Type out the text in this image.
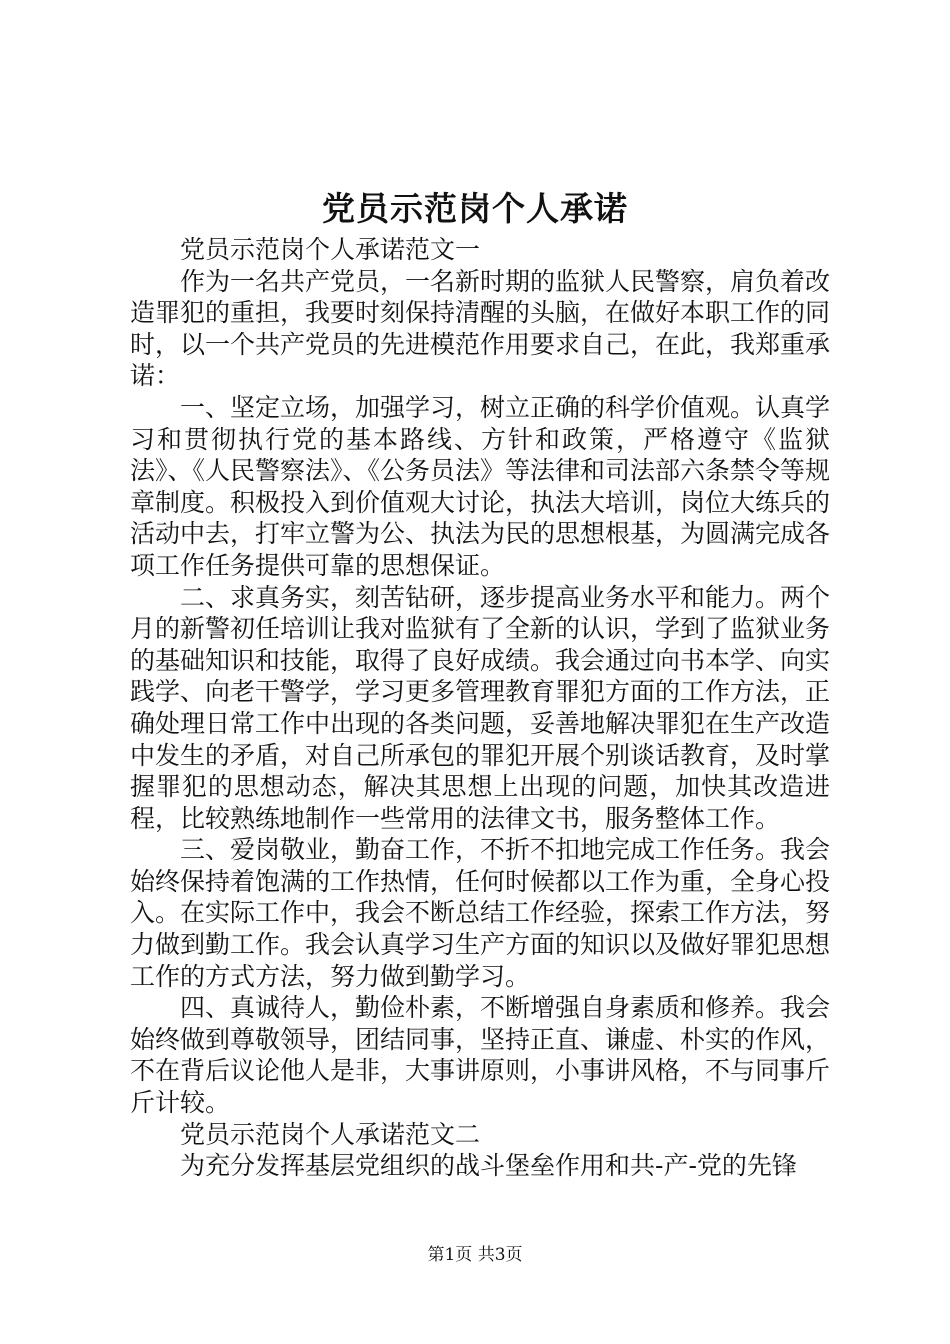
党员示范岗个人承诺

党员示范岗个人承诺范文一

作为一名共产党员，一名新时期的监狱人民警察，肩负着改造罪犯的重担，我要时刻保持清醒的头脑，在做好本职工作的同时，以一个共产党员的先进模范作用要求自己，在此，我郑重承诺：

一、坚定立场，加强学习，树立正确的科学价值观。认真学习和贯彻执行党的基本路线、方针和政策，严格遵守《监狱法》、《人民警察法》、《公务员法》等法律和司法部六条禁令等规章制度。积极投入到价值观大讨论，执法大培训，岗位大练兵的活动中去，打牢立警为公、执法为民的思想根基，为圆满完成各项工作任务提供可靠的思想保证。

二、求真务实，刻苦钻研，逐步提高业务水平和能力。两个月的新警初任培训让我对监狱有了全新的认识，学到了监狱业务的基础知识和技能，取得了良好成绩。我会通过向书本学、向实践学、向老干警学，学习更多管理教育罪犯方面的工作方法，正确处理日常工作中出现的各类问题，妥善地解决罪犯在生产改造中发生的矛盾，对自己所承包的罪犯开展个别谈话教育，及时掌握罪犯的思想动态，解决其思想上出现的问题，加快其改造进程，比较熟练地制作一些常用的法律文书，服务整体工作。

三、爱岗敬业，勤奋工作，不折不扣地完成工作任务。我会始终保持着饱满的工作热情，任何时候都以工作为重，全身心投入。在实际工作中，我会不断总结工作经验，探索工作方法，努力做到勤工作。我会认真学习生产方面的知识以及做好罪犯思想工作的方式方法，努力做到勤学习。

四、真诚待人，勤俭朴素，不断增强自身素质和修养。我会始终做到尊敬领导，团结同事，坚持正直、谦虚、朴实的作风，不在背后议论他人是非，大事讲原则，小事讲风格，不与同事斤斤计较。

党员示范岗个人承诺范文二

为充分发挥基层党组织的战斗堡垒作用和共-产-党的先锋

第1页 共3页
